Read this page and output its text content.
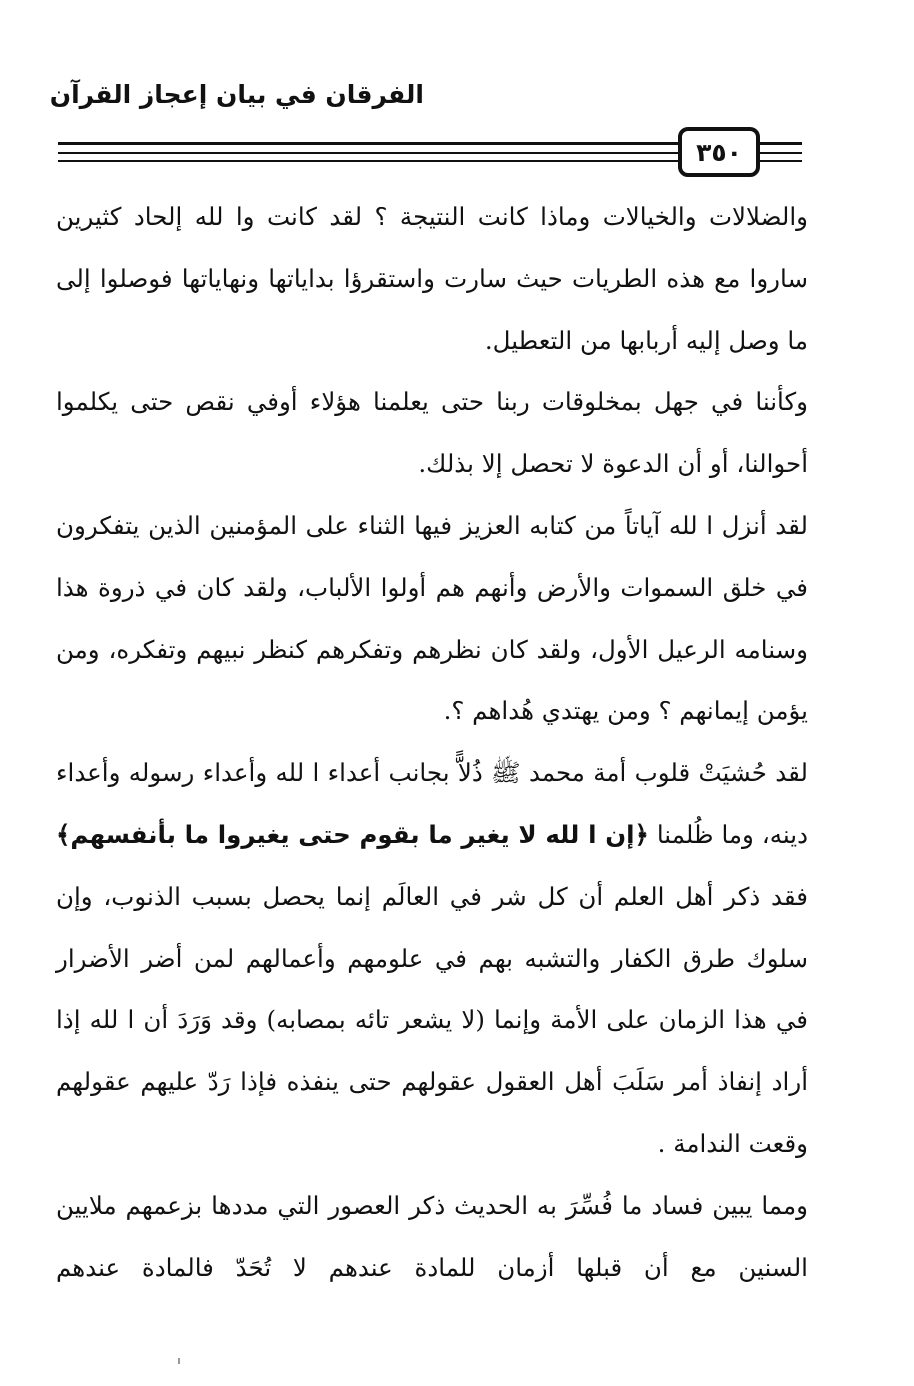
الفرقان في بيان إعجاز القرآن
٣٥٠

والضلالات والخيالات وماذا كانت النتيجة ؟ لقد كانت وا لله إلحاد كثيرين ساروا مع هذه الطريات حيث سارت واستقرؤا بداياتها ونهاياتها فوصلوا إلى ما وصل إليه أربابها من التعطيل.

وكأننا في جهل بمخلوقات ربنا حتى يعلمنا هؤلاء أوفي نقص حتى يكلموا أحوالنا، أو أن الدعوة لا تحصل إلا بذلك.

لقد أنزل ا لله آياتاً من كتابه العزيز فيها الثناء على المؤمنين الذين يتفكرون في خلق السموات والأرض وأنهم هم أولوا الألباب، ولقد كان في ذروة هذا وسنامه الرعيل الأول، ولقد كان نظرهم وتفكرهم كنظر نبيهم وتفكره، ومن يؤمن إيمانهم ؟ ومن يهتدي هُداهم ؟.

لقد حُشيَتْ قلوب أمة محمد ﷺ ذُلاًّ بجانب أعداء ا لله وأعداء رسوله وأعداء دينه، وما ظُلمنا ﴿إن ا لله لا يغير ما بقوم حتى يغيروا ما بأنفسهم﴾ فقد ذكر أهل العلم أن كل شر في العالَم إنما يحصل بسبب الذنوب، وإن سلوك طرق الكفار والتشبه بهم في علومهم وأعمالهم لمن أضر الأضرار في هذا الزمان على الأمة وإنما (لا يشعر تائه بمصابه) وقد وَرَدَ أن ا لله إذا أراد إنفاذ أمر سَلَبَ أهل العقول عقولهم حتى ينفذه فإذا رَدّ عليهم عقولهم وقعت الندامة .

ومما يبين فساد ما فُسِّرَ به الحديث ذكر العصور التي مددها بزعمهم ملايين السنين مع أن قبلها أزمان للمادة عندهم لا تُحَدّ فالمادة عندهم
